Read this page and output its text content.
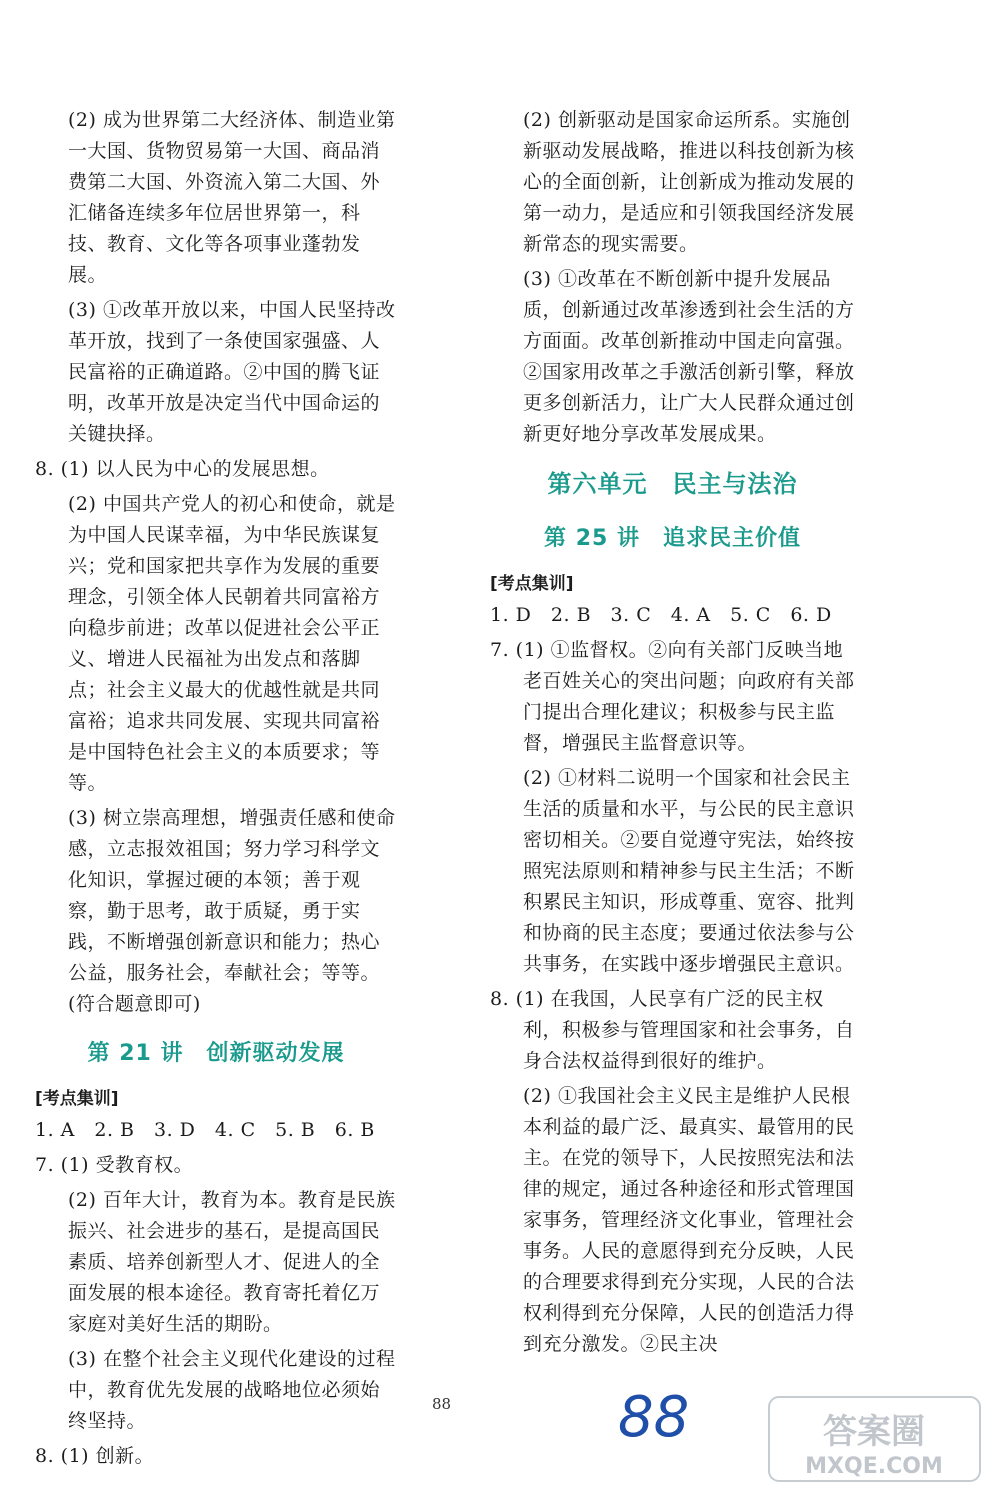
(2) 成为世界第二大经济体、制造业第一大国、货物贸易第一大国、商品消费第二大国、外资流入第二大国、外汇储备连续多年位居世界第一，科技、教育、文化等各项事业蓬勃发展。

(3) ①改革开放以来，中国人民坚持改革开放，找到了一条使国家强盛、人民富裕的正确道路。②中国的腾飞证明，改革开放是决定当代中国命运的关键抉择。

8. (1) 以人民为中心的发展思想。

(2) 中国共产党人的初心和使命，就是为中国人民谋幸福，为中华民族谋复兴；党和国家把共享作为发展的重要理念，引领全体人民朝着共同富裕方向稳步前进；改革以促进社会公平正义、增进人民福祉为出发点和落脚点；社会主义最大的优越性就是共同富裕；追求共同发展、实现共同富裕是中国特色社会主义的本质要求；等等。

(3) 树立崇高理想，增强责任感和使命感，立志报效祖国；努力学习科学文化知识，掌握过硬的本领；善于观察，勤于思考，敢于质疑，勇于实践，不断增强创新意识和能力；热心公益，服务社会，奉献社会；等等。(符合题意即可)

第 21 讲　创新驱动发展
[考点集训]

1. A　2. B　3. D　4. C　5. B　6. B

7. (1) 受教育权。

(2) 百年大计，教育为本。教育是民族振兴、社会进步的基石，是提高国民素质、培养创新型人才、促进人的全面发展的根本途径。教育寄托着亿万家庭对美好生活的期盼。

(3) 在整个社会主义现代化建设的过程中，教育优先发展的战略地位必须始终坚持。

8. (1) 创新。

(2) 创新驱动是国家命运所系。实施创新驱动发展战略，推进以科技创新为核心的全面创新，让创新成为推动发展的第一动力，是适应和引领我国经济发展新常态的现实需要。

(3) ①改革在不断创新中提升发展品质，创新通过改革渗透到社会生活的方方面面。改革创新推动中国走向富强。②国家用改革之手激活创新引擎，释放更多创新活力，让广大人民群众通过创新更好地分享改革发展成果。

第六单元　民主与法治
第 25 讲　追求民主价值
[考点集训]

1. D　2. B　3. C　4. A　5. C　6. D

7. (1) ①监督权。②向有关部门反映当地老百姓关心的突出问题；向政府有关部门提出合理化建议；积极参与民主监督，增强民主监督意识等。

(2) ①材料二说明一个国家和社会民主生活的质量和水平，与公民的民主意识密切相关。②要自觉遵守宪法，始终按照宪法原则和精神参与民主生活；不断积累民主知识，形成尊重、宽容、批判和协商的民主态度；要通过依法参与公共事务，在实践中逐步增强民主意识。

8. (1) 在我国，人民享有广泛的民主权利，积极参与管理国家和社会事务，自身合法权益得到很好的维护。

(2) ①我国社会主义民主是维护人民根本利益的最广泛、最真实、最管用的民主。在党的领导下，人民按照宪法和法律的规定，通过各种途径和形式管理国家事务，管理经济文化事业，管理社会事务。人民的意愿得到充分反映，人民的合理要求得到充分实现，人民的合法权利得到充分保障，人民的创造活力得到充分激发。②民主决

88	88	答案圈
MXQE.COM
